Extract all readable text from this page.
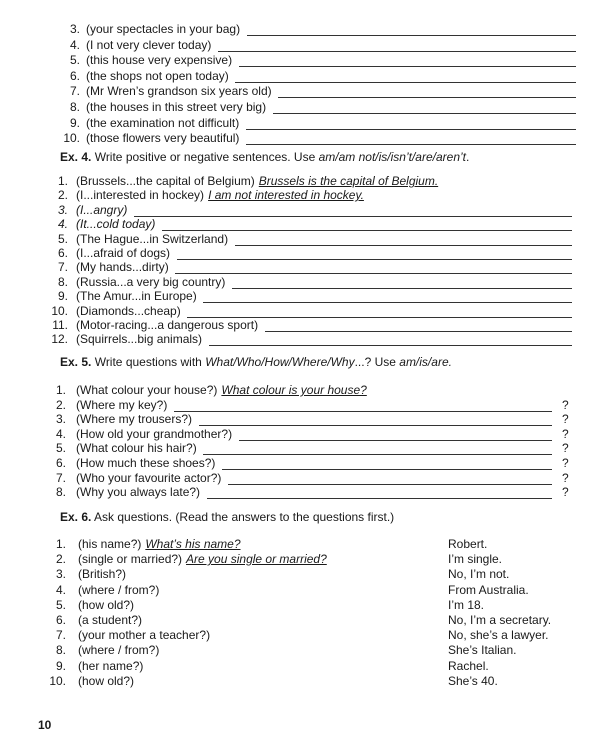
3. (your spectacles in your bag)
4. (I not very clever today)
5. (this house very expensive)
6. (the shops not open today)
7. (Mr Wren’s grandson six years old)
8. (the houses in this street very big)
9. (the examination not difficult)
10. (those flowers very beautiful)
Ex. 4. Write positive or negative sentences. Use am/am not/is/isn’t/are/aren’t.
1. (Brussels...the capital of Belgium) Brussels is the capital of Belgium.
2. (I...interested in hockey) I am not interested in hockey.
3. (I...angry)
4. (It...cold today)
5. (The Hague...in Switzerland)
6. (I...afraid of dogs)
7. (My hands...dirty)
8. (Russia...a very big country)
9. (The Amur...in Europe)
10. (Diamonds...cheap)
11. (Motor-racing...a dangerous sport)
12. (Squirrels...big animals)
Ex. 5. Write questions with What/Who/How/Where/Why...? Use am/is/are.
1. (What colour your house?) What colour is your house?
2. (Where my key?)	?
3. (Where my trousers?)	?
4. (How old your grandmother?)	?
5. (What colour his hair?)	?
6. (How much these shoes?)	?
7. (Who your favourite actor?)	?
8. (Why you always late?)	?
Ex. 6. Ask questions. (Read the answers to the questions first.)
1. (his name?) What’s his name?	Robert.
2. (single or married?) Are you single or married?	I’m single.
3. (British?)	No, I’m not.
4. (where / from?)	From Australia.
5. (how old?)	I’m 18.
6. (a student?)	No, I’m a secretary.
7. (your mother a teacher?)	No, she’s a lawyer.
8. (where / from?)	She’s Italian.
9. (her name?)	Rachel.
10. (how old?)	She’s 40.
10
